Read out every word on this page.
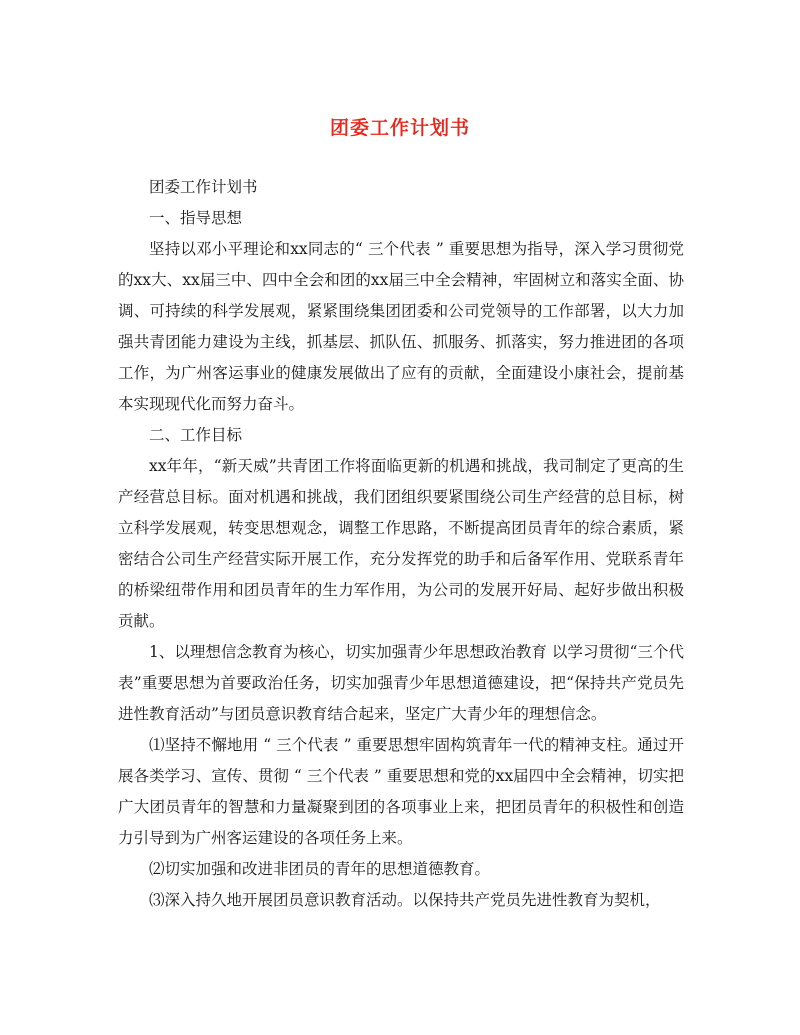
团委工作计划书

团委工作计划书

一、指导思想

坚持以邓小平理论和xx同志的“ 三个代表 ” 重要思想为指导，深入学习贯彻党的xx大、xx届三中、四中全会和团的xx届三中全会精神，牢固树立和落实全面、协调、可持续的科学发展观，紧紧围绕集团团委和公司党领导的工作部署，以大力加强共青团能力建设为主线，抓基层、抓队伍、抓服务、抓落实，努力推进团的各项工作，为广州客运事业的健康发展做出了应有的贡献，全面建设小康社会，提前基本实现现代化而努力奋斗。

二、工作目标

xx年年，“新天威”共青团工作将面临更新的机遇和挑战，我司制定了更高的生产经营总目标。面对机遇和挑战，我们团组织要紧围绕公司生产经营的总目标，树立科学发展观，转变思想观念，调整工作思路，不断提高团员青年的综合素质，紧密结合公司生产经营实际开展工作，充分发挥党的助手和后备军作用、党联系青年的桥梁纽带作用和团员青年的生力军作用，为公司的发展开好局、起好步做出积极贡献。

1、以理想信念教育为核心，切实加强青少年思想政治教育 以学习贯彻“三个代表”重要思想为首要政治任务，切实加强青少年思想道德建设，把“保持共产党员先进性教育活动”与团员意识教育结合起来，坚定广大青少年的理想信念。

⑴坚持不懈地用 “ 三个代表 ” 重要思想牢固构筑青年一代的精神支柱。通过开展各类学习、宣传、贯彻 “ 三个代表 ” 重要思想和党的xx届四中全会精神，切实把广大团员青年的智慧和力量凝聚到团的各项事业上来，把团员青年的积极性和创造力引导到为广州客运建设的各项任务上来。

⑵切实加强和改进非团员的青年的思想道德教育。

⑶深入持久地开展团员意识教育活动。以保持共产党员先进性教育为契机，
